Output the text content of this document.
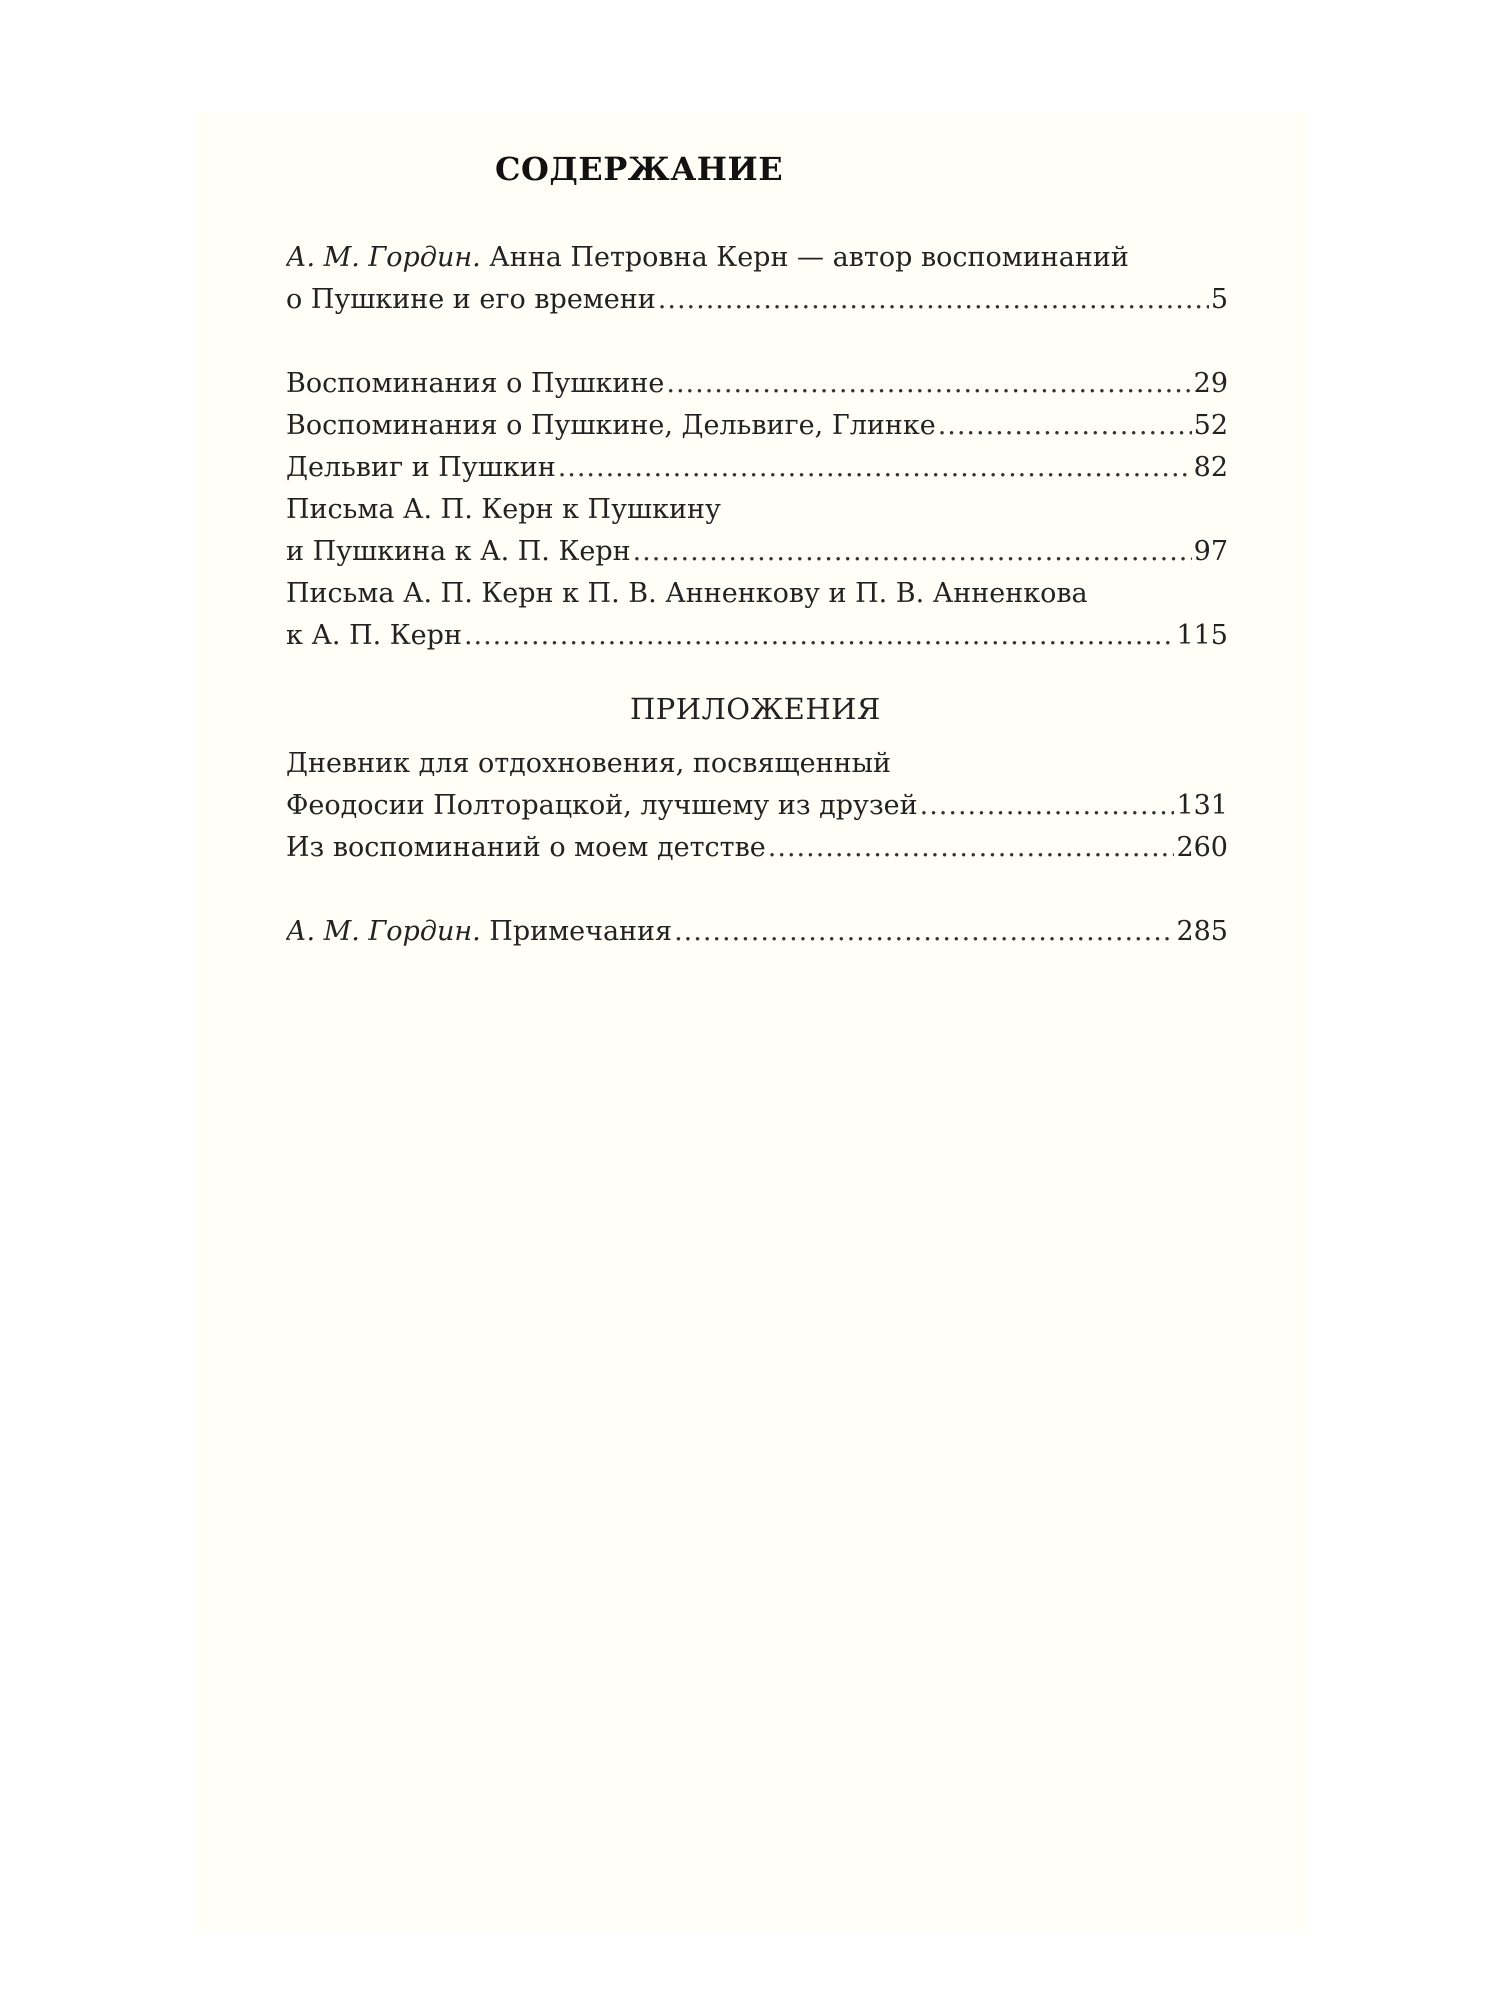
СОДЕРЖАНИЕ
А. М. Гордин. Анна Петровна Керн — автор воспоминаний
о Пушкине и его времени .....	5
Воспоминания о Пушкине .....	29
Воспоминания о Пушкине, Дельвиге, Глинке .....	52
Дельвиг и Пушкин .....	82
Письма А. П. Керн к Пушкину
и Пушкина к А. П. Керн .....	97
Письма А. П. Керн к П. В. Анненкову и П. В. Анненкова
к А. П. Керн .....	115
Дневник для отдохновения, посвященный
Феодосии Полторацкой, лучшему из друзей .....	131
Из воспоминаний о моем детстве .....	260
А. М. Гордин. Примечания .....	285
ПРИЛОЖЕНИЯ
